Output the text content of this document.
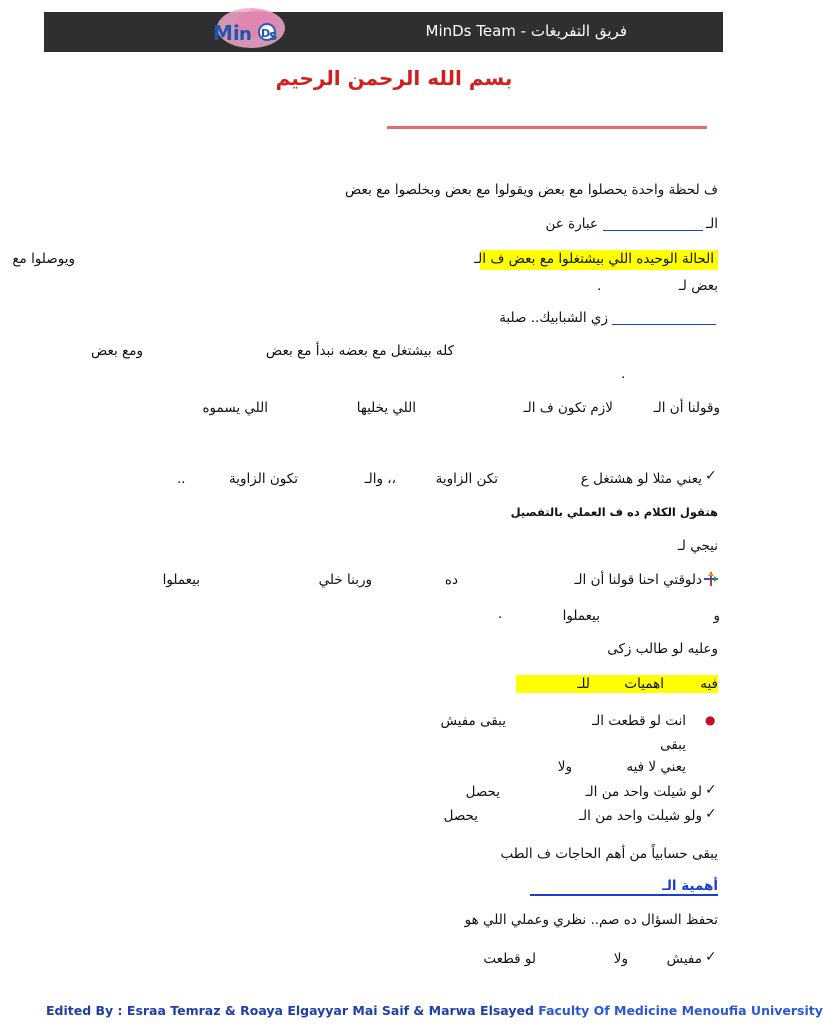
فريق التفريغات - MinDs Team
Mi n D
s
بسم الله الرحمن الرحيم
ف لحظة واحدة يحصلوا مع بعض ويقولوا مع بعض وبخلصوا مع بعض
الـ
عبارة عن
الحالة الوحيده اللي بيشتغلوا مع بعض ف الـ
ويوصلوا مع
بعض لـ
.
زي الشبابيك.. صلبة
كله بيشتغل مع بعضه نبدأ مع بعض
ومع بعض
.
وقولنا أن الـ
لازم تكون ف الـ
اللي يخليها
اللي يسموه
✓
يعني مثلا لو هشتغل ع
تكن الزاوية
،، والـ
تكون الزاوية
..
هتقول الكلام ده ف العملي بالتفصيل
نيجي لـ
دلوقتي احنا قولنا أن الـ
ده
وربنا خلي
بيعملوا
و
بيعملوا
.
وعليه لو طالب زكى
فيه
اهميات
للـ
●
انت لو قطعت الـ
يبقى مفيش
يبقى
يعني لا فيه
ولا
✓
لو شيلت واحد من الـ
يحصل
✓
ولو شيلت واحد من الـ
يحصل
يبقى حسابياً من أهم الحاجات ف الطب
أهمية الـ
تحفظ السؤال ده صم.. نظري وعملي اللي هو
✓
مفيش
ولا
لو قطعت
Edited By : Esraa Temraz & Roaya Elgayyar Mai Saif & Marwa Elsayed Faculty Of Medicine Menoufia University
